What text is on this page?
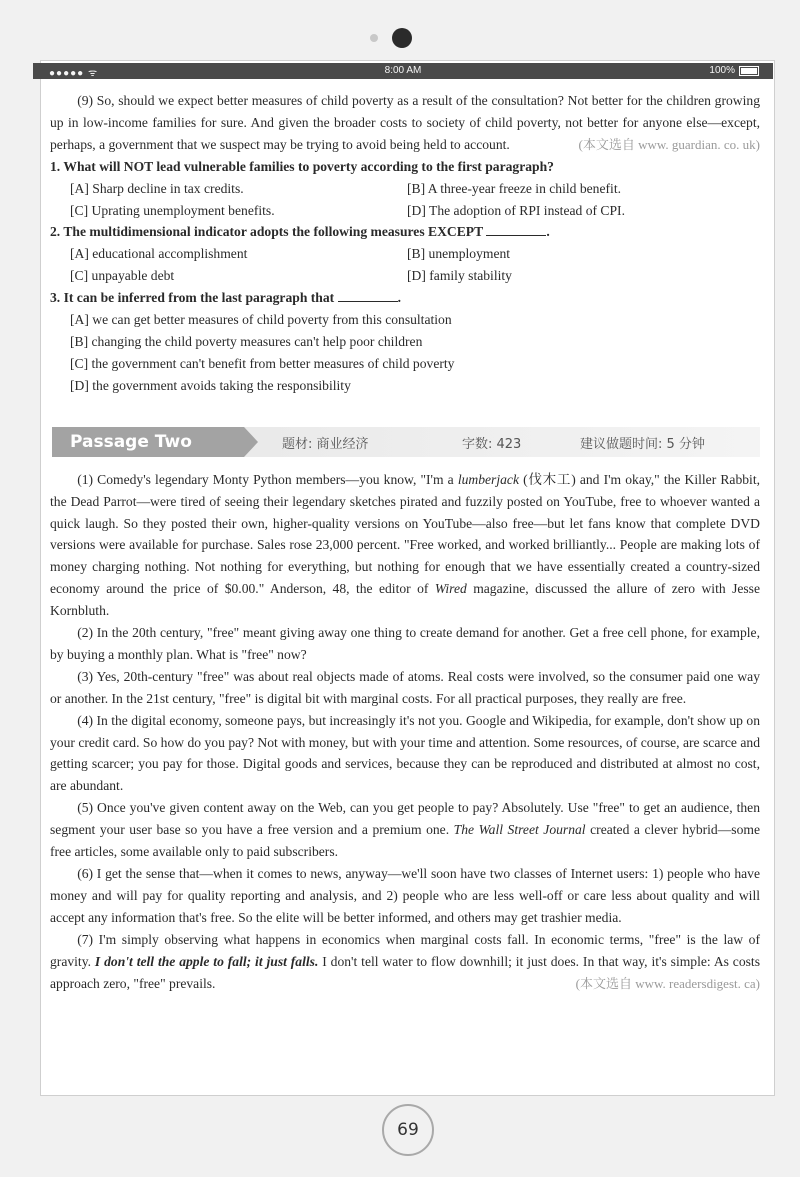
●●●●● ᯤ	8:00 AM	100%

(9) So, should we expect better measures of child poverty as a result of the consultation? Not better for the children growing up in low-income families for sure. And given the broader costs to society of child poverty, not better for anyone else—except, perhaps, a government that we suspect may be trying to avoid being held to account.	(本文选自 www. guardian. co. uk)

1. What will NOT lead vulnerable families to poverty according to the first paragraph?
[A] Sharp decline in tax credits.	[B] A three-year freeze in child benefit.
[C] Uprating unemployment benefits.	[D] The adoption of RPI instead of CPI.
2. The multidimensional indicator adopts the following measures EXCEPT	.
[A] educational accomplishment	[B] unemployment
[C] unpayable debt	[D] family stability
3. It can be inferred from the last paragraph that	.
[A] we can get better measures of child poverty from this consultation
[B] changing the child poverty measures can't help poor children
[C] the government can't benefit from better measures of child poverty
[D] the government avoids taking the responsibility
Passage Two	题材: 商业经济	字数: 423	建议做题时间: 5 分钟

(1) Comedy's legendary Monty Python members—you know, "I'm a lumberjack (伐木工) and I'm okay," the Killer Rabbit, the Dead Parrot—were tired of seeing their legendary sketches pirated and fuzzily posted on YouTube, free to whoever wanted a quick laugh. So they posted their own, higher-quality versions on YouTube—also free—but let fans know that complete DVD versions were available for purchase. Sales rose 23,000 percent. "Free worked, and worked brilliantly... People are making lots of money charging nothing. Not nothing for everything, but nothing for enough that we have essentially created a country-sized economy around the price of $0.00." Anderson, 48, the editor of Wired magazine, discussed the allure of zero with Jesse Kornbluth.

(2) In the 20th century, "free" meant giving away one thing to create demand for another. Get a free cell phone, for example, by buying a monthly plan. What is "free" now?

(3) Yes, 20th-century "free" was about real objects made of atoms. Real costs were involved, so the consumer paid one way or another. In the 21st century, "free" is digital bit with marginal costs. For all practical purposes, they really are free.

(4) In the digital economy, someone pays, but increasingly it's not you. Google and Wikipedia, for example, don't show up on your credit card. So how do you pay? Not with money, but with your time and attention. Some resources, of course, are scarce and getting scarcer; you pay for those. Digital goods and services, because they can be reproduced and distributed at almost no cost, are abundant.

(5) Once you've given content away on the Web, can you get people to pay? Absolutely. Use "free" to get an audience, then segment your user base so you have a free version and a premium one. The Wall Street Journal created a clever hybrid—some free articles, some available only to paid subscribers.

(6) I get the sense that—when it comes to news, anyway—we'll soon have two classes of Internet users: 1) people who have money and will pay for quality reporting and analysis, and 2) people who are less well-off or care less about quality and will accept any information that's free. So the elite will be better informed, and others may get trashier media.

(7) I'm simply observing what happens in economics when marginal costs fall. In economic terms, "free" is the law of gravity. I don't tell the apple to fall; it just falls. I don't tell water to flow downhill; it just does. In that way, it's simple: As costs approach zero, "free" prevails.	(本文选自 www. readersdigest. ca)

69
